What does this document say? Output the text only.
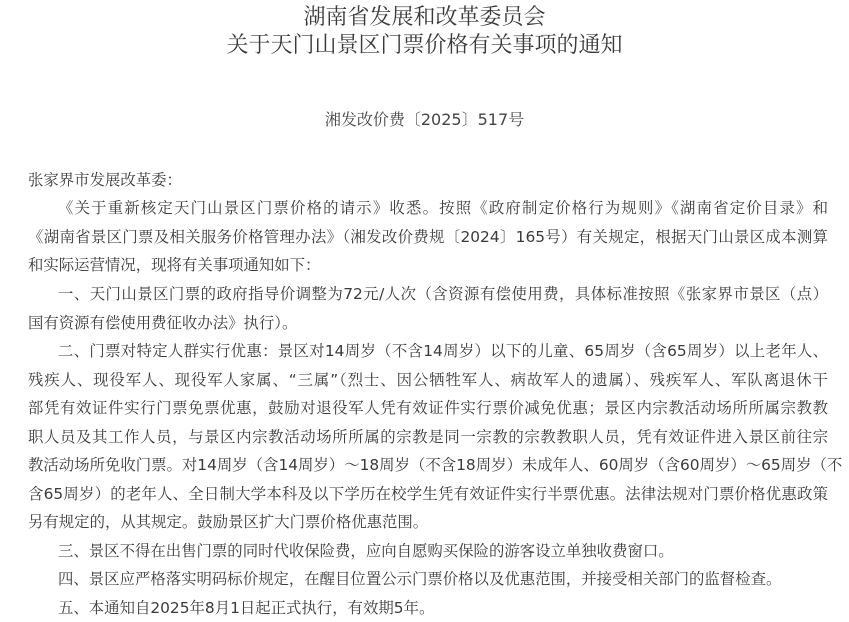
湖南省发展和改革委员会
关于天门山景区门票价格有关事项的通知
湘发改价费〔2025〕517号
张家界市发展改革委：
《关于重新核定天门山景区门票价格的请示》收悉。按照《政府制定价格行为规则》《湖南省定价目录》和
《湖南省景区门票及相关服务价格管理办法》（湘发改价费规〔2024〕165号）有关规定，根据天门山景区成本测算
和实际运营情况，现将有关事项通知如下：
一、天门山景区门票的政府指导价调整为72元/人次（含资源有偿使用费，具体标准按照《张家界市景区（点）
国有资源有偿使用费征收办法》执行）。
二、门票对特定人群实行优惠：景区对14周岁（不含14周岁）以下的儿童、65周岁（含65周岁）以上老年人、
残疾人、现役军人、现役军人家属、“三属”（烈士、因公牺牲军人、病故军人的遗属）、残疾军人、军队离退休干
部凭有效证件实行门票免票优惠，鼓励对退役军人凭有效证件实行票价减免优惠；景区内宗教活动场所所属宗教教
职人员及其工作人员，与景区内宗教活动场所所属的宗教是同一宗教的宗教教职人员，凭有效证件进入景区前往宗
教活动场所免收门票。对14周岁（含14周岁）～18周岁（不含18周岁）未成年人、60周岁（含60周岁）～65周岁（不
含65周岁）的老年人、全日制大学本科及以下学历在校学生凭有效证件实行半票优惠。法律法规对门票价格优惠政策
另有规定的，从其规定。鼓励景区扩大门票价格优惠范围。
三、景区不得在出售门票的同时代收保险费，应向自愿购买保险的游客设立单独收费窗口。
四、景区应严格落实明码标价规定，在醒目位置公示门票价格以及优惠范围，并接受相关部门的监督检查。
五、本通知自2025年8月1日起正式执行，有效期5年。
